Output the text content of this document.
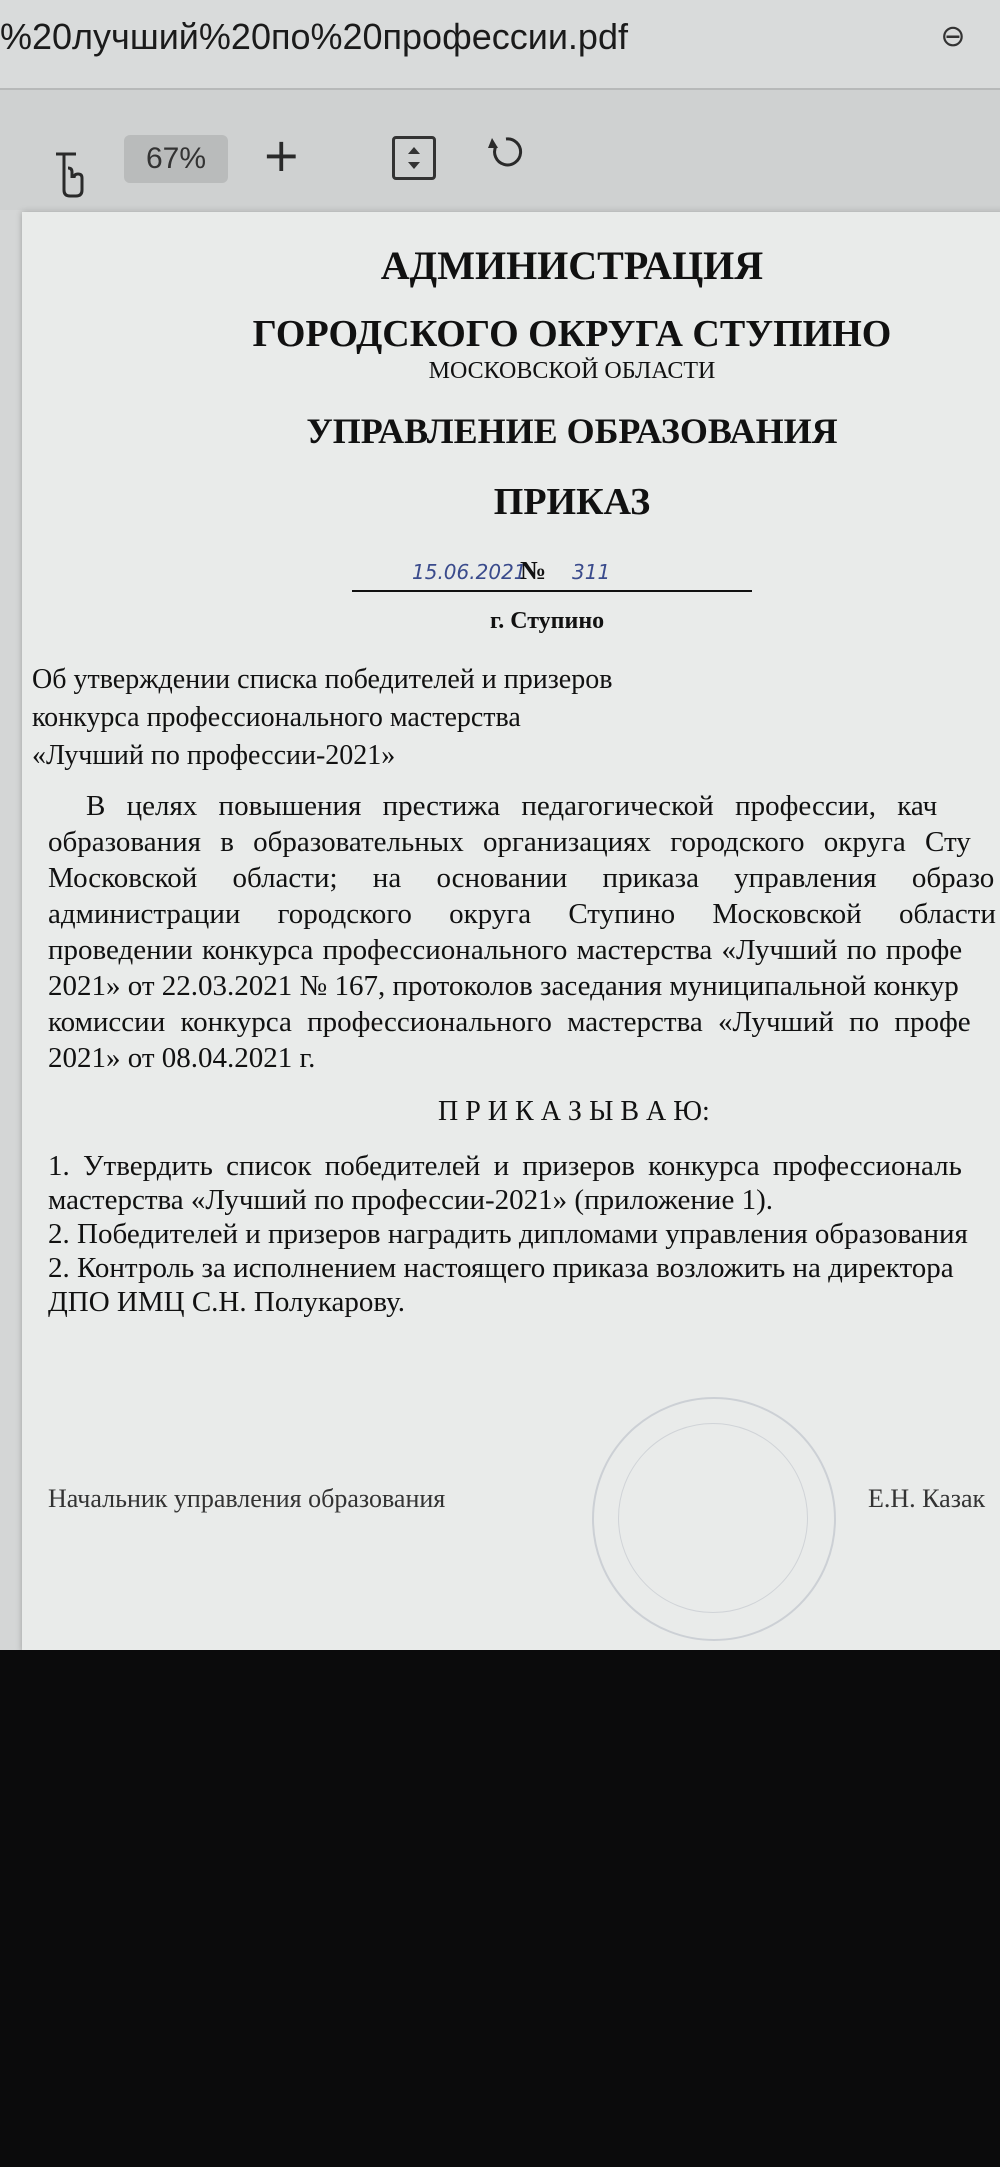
%20лучший%20по%20профессии.pdf	⊖
67%	+
АДМИНИСТРАЦИЯ
ГОРОДСКОГО ОКРУГА СТУПИНО
МОСКОВСКОЙ ОБЛАСТИ
УПРАВЛЕНИЕ ОБРАЗОВАНИЯ
ПРИКАЗ
15.06.2021
№ 311
г. Ступино
Об утверждении списка победителей и призеров
конкурса профессионального мастерства
«Лучший по профессии-2021»
В целях повышения престижа педагогической профессии, кач
образования в образовательных организациях городского округа Сту
Московской области; на основании приказа управления образо
администрации городского округа Ступино Московской области
проведении конкурса профессионального мастерства «Лучший по профе
2021» от 22.03.2021 № 167, протоколов заседания муниципальной конкур
комиссии конкурса профессионального мастерства «Лучший по профе
2021» от 08.04.2021 г.
П Р И К А З Ы В А Ю:
1. Утвердить список победителей и призеров конкурса профессиональ
мастерства «Лучший по профессии-2021» (приложение 1).
2. Победителей и призеров наградить дипломами управления образования
2. Контроль за исполнением настоящего приказа возложить на директора
ДПО ИМЦ С.Н. Полукарову.
Начальник управления образования	Е.Н. Казак
